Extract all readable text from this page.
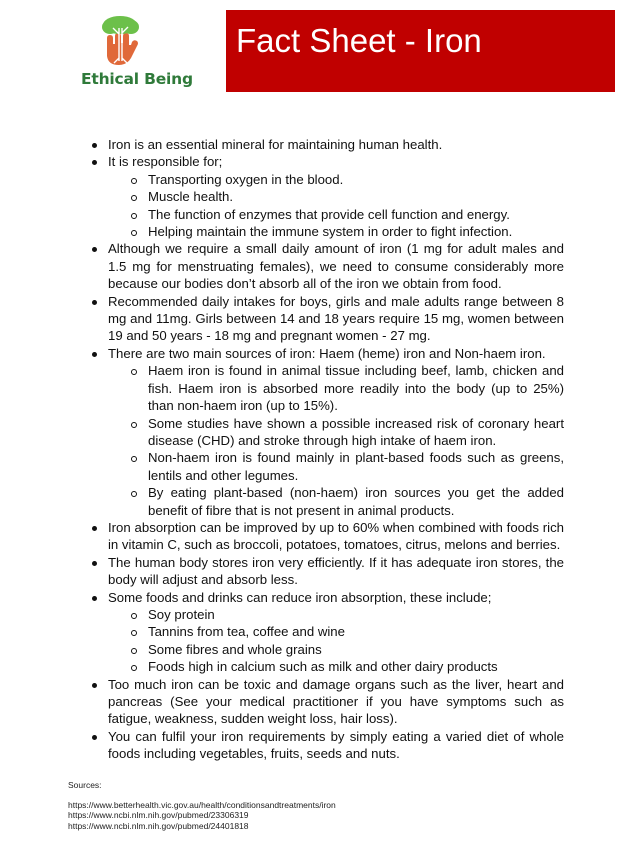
Ethical Being
Fact Sheet - Iron
Iron is an essential mineral for maintaining human health.
It is responsible for;
Transporting oxygen in the blood.
Muscle health.
The function of enzymes that provide cell function and energy.
Helping maintain the immune system in order to fight infection.
Although we require a small daily amount of iron (1 mg for adult males and 1.5 mg for menstruating females), we need to consume considerably more because our bodies don’t absorb all of the iron we obtain from food.
Recommended daily intakes for boys, girls and male adults range between 8 mg and 11mg. Girls between 14 and 18 years require 15 mg, women between 19 and 50 years - 18 mg and pregnant women - 27 mg.
There are two main sources of iron: Haem (heme) iron and Non-haem iron.
Haem iron is found in animal tissue including beef, lamb, chicken and fish. Haem iron is absorbed more readily into the body (up to 25%) than non-haem iron (up to 15%).
Some studies have shown a possible increased risk of coronary heart disease (CHD) and stroke through high intake of haem iron.
Non-haem iron is found mainly in plant-based foods such as greens, lentils and other legumes.
By eating plant-based (non-haem) iron sources you get the added benefit of fibre that is not present in animal products.
Iron absorption can be improved by up to 60% when combined with foods rich in vitamin C, such as broccoli, potatoes, tomatoes, citrus, melons and berries.
The human body stores iron very efficiently. If it has adequate iron stores, the body will adjust and absorb less.
Some foods and drinks can reduce iron absorption, these include;
Soy protein
Tannins from tea, coffee and wine
Some fibres and whole grains
Foods high in calcium such as milk and other dairy products
Too much iron can be toxic and damage organs such as the liver, heart and pancreas (See your medical practitioner if you have symptoms such as fatigue, weakness, sudden weight loss, hair loss).
You can fulfil your iron requirements by simply eating a varied diet of whole foods including vegetables, fruits, seeds and nuts.
Sources:
https://www.betterhealth.vic.gov.au/health/conditionsandtreatments/iron
https://www.ncbi.nlm.nih.gov/pubmed/23306319
https://www.ncbi.nlm.nih.gov/pubmed/24401818
